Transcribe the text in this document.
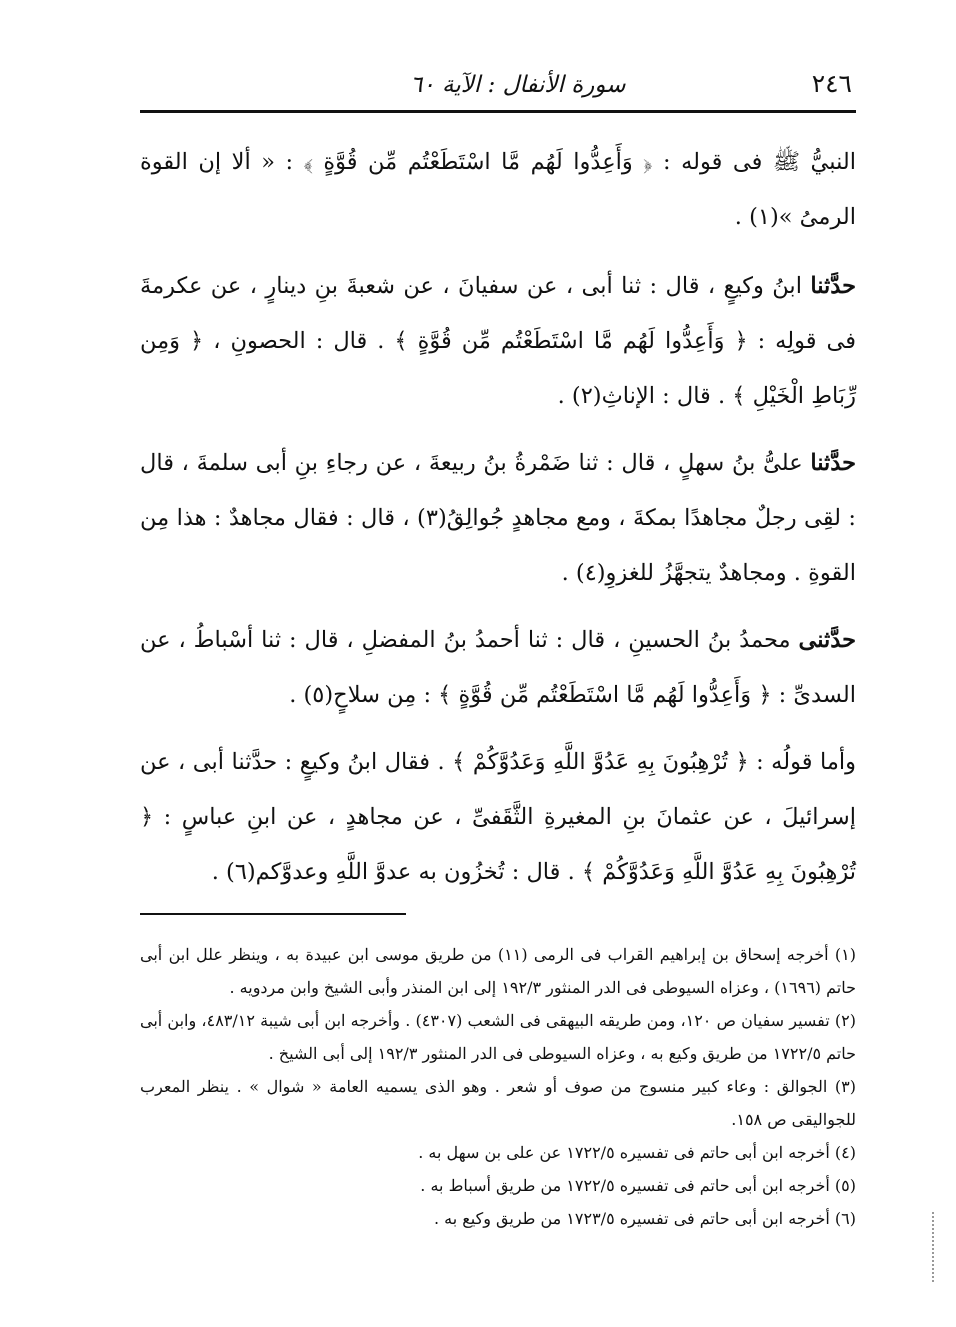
٢٤٦
سورة الأنفال : الآية ٦٠

النبيُّ ﷺ فى قوله : ﴿ وَأَعِدُّوا لَهُم مَّا اسْتَطَعْتُم مِّن قُوَّةٍ ﴾ : « ألا إن القوة الرمىُ »(١) .

حدَّثنا ابنُ وكيعٍ ، قال : ثنا أبى ، عن سفيانَ ، عن شعبةَ بنِ دينارٍ ، عن عكرمةَ فى قولِه : ﴿ وَأَعِدُّوا لَهُم مَّا اسْتَطَعْتُم مِّن قُوَّةٍ ﴾ . قال : الحصونِ ، ﴿ وَمِن رِّبَاطِ الْخَيْلِ ﴾ . قال : الإناثِ(٢) .

حدَّثنا علىُّ بنُ سهلٍ ، قال : ثنا ضَمْرةُ بنُ ربيعةَ ، عن رجاءِ بنِ أبى سلمةَ ، قال : لقِى رجلٌ مجاهدًا بمكةَ ، ومع مجاهدٍ جُوالِقُ(٣) ، قال : فقال مجاهدٌ : هذا مِن القوةِ . ومجاهدٌ يتجهَّزُ للغزوِ(٤) .

حدَّثنى محمدُ بنُ الحسينِ ، قال : ثنا أحمدُ بنُ المفضلِ ، قال : ثنا أسْباطُ ، عن السدىِّ : ﴿ وَأَعِدُّوا لَهُم مَّا اسْتَطَعْتُم مِّن قُوَّةٍ ﴾ : مِن سلاحٍ(٥) .

وأما قولُه : ﴿ تُرْهِبُونَ بِهِ عَدُوَّ اللَّهِ وَعَدُوَّكُمْ ﴾ . فقال ابنُ وكيعٍ : حدَّثنا أبى ، عن إسرائيلَ ، عن عثمانَ بنِ المغيرةِ الثَّقَفىِّ ، عن مجاهدٍ ، عن ابنِ عباسٍ : ﴿ تُرْهِبُونَ بِهِ عَدُوَّ اللَّهِ وَعَدُوَّكُمْ ﴾ . قال : تُخزُون به عدوَّ اللَّهِ وعدوَّكم(٦) .

(١) أخرجه إسحاق بن إبراهيم القراب فى الرمى (١١) من طريق موسى ابن عبيدة به ، وينظر علل ابن أبى حاتم (١٦٩٦) ، وعزاه السيوطى فى الدر المنثور ١٩٢/٣ إلى ابن المنذر وأبى الشيخ وابن مردويه .

(٢) تفسير سفيان ص ١٢٠، ومن طريقه البيهقى فى الشعب (٤٣٠٧) . وأخرجه ابن أبى شيبة ٤٨٣/١٢، وابن أبى حاتم ١٧٢٢/٥ من طريق وكيع به ، وعزاه السيوطى فى الدر المنثور ١٩٢/٣ إلى أبى الشيخ .

(٣) الجوالق : وعاء كبير منسوج من صوف أو شعر . وهو الذى يسميه العامة « شوال » . ينظر المعرب للجواليقى ص ١٥٨.

(٤) أخرجه ابن أبى حاتم فى تفسيره ١٧٢٢/٥ عن على بن سهل به .

(٥) أخرجه ابن أبى حاتم فى تفسيره ١٧٢٢/٥ من طريق أسباط به .

(٦) أخرجه ابن أبى حاتم فى تفسيره ١٧٢٣/٥ من طريق وكيع به .
